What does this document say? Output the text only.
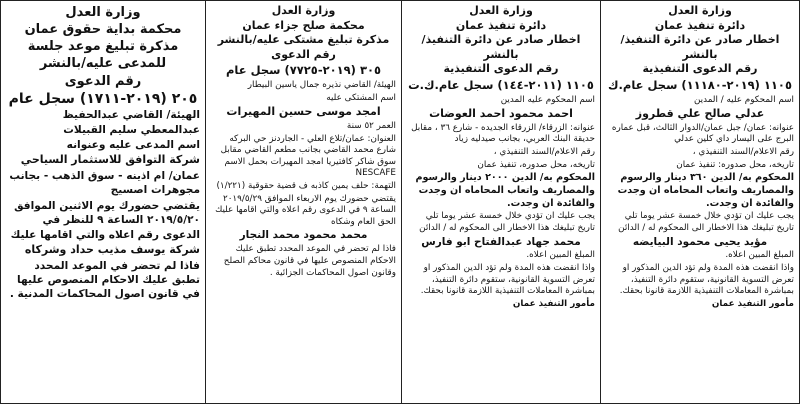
وزارة العدل
دائرة تنفيذ عمان
اخطار صادر عن دائرة التنفيذ/بالنشر
رقم الدعوى التنفيذية
١١٠٥ (٢٠١٩-١١١٨٠) سجل عام.ك

اسم المحكوم عليه / المدين

عدلي صالح علي قطروز

عنوانه: عمان/ جبل عمان/الدوار الثالث، قبل عماره البرج على اليسار داي كلين عدلي

رقم الاعلام/السند التنفيذي ،

تاريخه، محل صدوره: تنفيذ عمان

المحكوم به/ الدين ٣٦٠ دينار والرسوم والمصاريف واتعاب المحاماه ان وجدت والفائدة ان وجدت.

يجب عليك ان تؤدي خلال خمسة عشر يوما تلي تاريخ تبليغك هذا الاخطار الى المحكوم له / الدائن

مؤيد يحيى محمود البيايضه

المبلغ المبين اعلاه.

واذا انقضت هذه المدة ولم تؤد الدين المذكور او تعرض التسوية القانونية، ستقوم دائرة التنفيذ، بمباشرة المعاملات التنفيذية اللازمة قانونا بحقك.

مأمور التنفيذ عمان

وزارة العدل
دائرة تنفيذ عمان
اخطار صادر عن دائرة التنفيذ/بالنشر
رقم الدعوى التنفيذية
١١٠٥ (٢٠١١-١٤٤) سجل عام.ك.ت

اسم المحكوم عليه المدين

احمد محمود احمد العوضات

عنوانه: الزرقاء/ الزرقاء الجديده - شارع ٣٦ ، مقابل حديقة البنك العربي، بجانب صيدليه زياد

رقم الاعلام/السند التنفيذي ،

تاريخه، محل صدوره، تنفيذ عمان

المحكوم به/ الدين ٢٠٠٠ دينار والرسوم والمصاريف واتعاب المحاماه ان وجدت والفائدة ان وجدت.

يجب عليك ان تؤدي خلال خمسة عشر يوما تلي تاريخ تبليغك هذا الاخطار الى المحكوم له / الدائن

محمد جهاد عبدالفتاح ابو فارس

المبلغ المبين اعلاه.

واذا انقضت هذه المدة ولم تؤد الدين المذكور او تعرض التسوية القانونية، ستقوم دائرة التنفيذ، بمباشرة المعاملات التنفيذية اللازمة قانونا بحقك.

مأمور التنفيذ عمان

وزارة العدل
محكمة صلح جزاء عمان
مذكرة تبليغ مشتكى عليه/بالنشر
رقم الدعوى
٣٠٥ (٢٠١٩-٧٧٢٥) سجل عام

الهيئة/ القاضي نذيره جمال ياسين البيطار

اسم المشتكى عليه

امجد موسى حسين المهيرات

العمر ٥٢ سنة

العنوان: عمان/تلاع العلي - الجاردنز حي البركه شارع محمد القاضي بجانب مطعم القاضي مقابل سوق شاكر كافتيريا امجد المهيرات بحمل الاسم NESCAFE

التهمة: حلف يمين كاذبه ف قضية حقوقية (١/٢٢١)

يقتضي حضورك يوم الاربعاء الموافق ٢٠١٩/٥/٢٩ الساعة ٩ في الدعوى رقم اعلاه والتي اقامها عليك الحق العام وشكاه

محمد محمود محمد النجار

فاذا لم تحضر في الموعد المحدد تطبق عليك الاحكام المنصوص عليها في قانون محاكم الصلح وقانون اصول المحاكمات الجزائية .

وزارة العدل
محكمة بداية حقوق عمان
مذكرة تبليغ موعد جلسة للمدعى عليه/بالنشر
رقم الدعوى
٢٠٥ (٢٠١٩-١٧١١) سجل عام

الهيئة/ القاضي عبدالحفيظ عبدالمعطي سليم القبيلات

اسم المدعى عليه وعنوانه

شركة التوافق للاستثمار السياحي

عمان/ ام اذينه - سوق الذهب - بجانب مجوهرات اصسيج

يقتضي حضورك يوم الاثنين الموافق ٢٠١٩/٥/٢٠ الساعة ٩ للنظر في الدعوى رقم اعلاه والتي اقامها عليك

شركة يوسف مذيب حداد وشركاه

فاذا لم تحضر في الموعد المحدد تطبق عليك الاحكام المنصوص عليها في قانون اصول المحاكمات المدنية .
